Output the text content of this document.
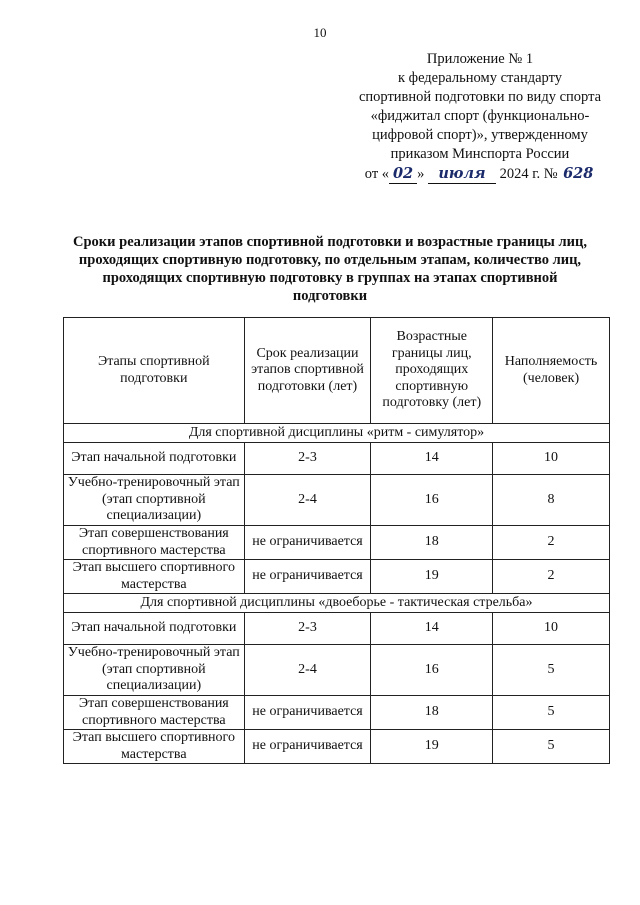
10
Приложение № 1
к федеральному стандарту
спортивной подготовки по виду спорта
«фиджитал спорт (функционально-
цифровой спорт)», утвержденному
приказом Минспорта России
от « 02 » июля 2024 г. № 628
Сроки реализации этапов спортивной подготовки и возрастные границы лиц,
проходящих спортивную подготовку, по отдельным этапам, количество лиц,
проходящих спортивную подготовку в группах на этапах спортивной
подготовки
Этапы спортивной подготовки	Срок реализации этапов спортивной подготовки (лет)	Возрастные границы лиц, проходящих спортивную подготовку (лет)	Наполняемость (человек)
Для спортивной дисциплины «ритм - симулятор»			
Этап начальной подготовки	2-3	14	10
Учебно-тренировочный этап (этап спортивной специализации)	2-4	16	8
Этап совершенствования спортивного мастерства	не ограничивается	18	2
Этап высшего спортивного мастерства	не ограничивается	19	2
Для спортивной дисциплины «двоеборье - тактическая стрельба»			
Этап начальной подготовки	2-3	14	10
Учебно-тренировочный этап (этап спортивной специализации)	2-4	16	5
Этап совершенствования спортивного мастерства	не ограничивается	18	5
Этап высшего спортивного мастерства	не ограничивается	19	5
